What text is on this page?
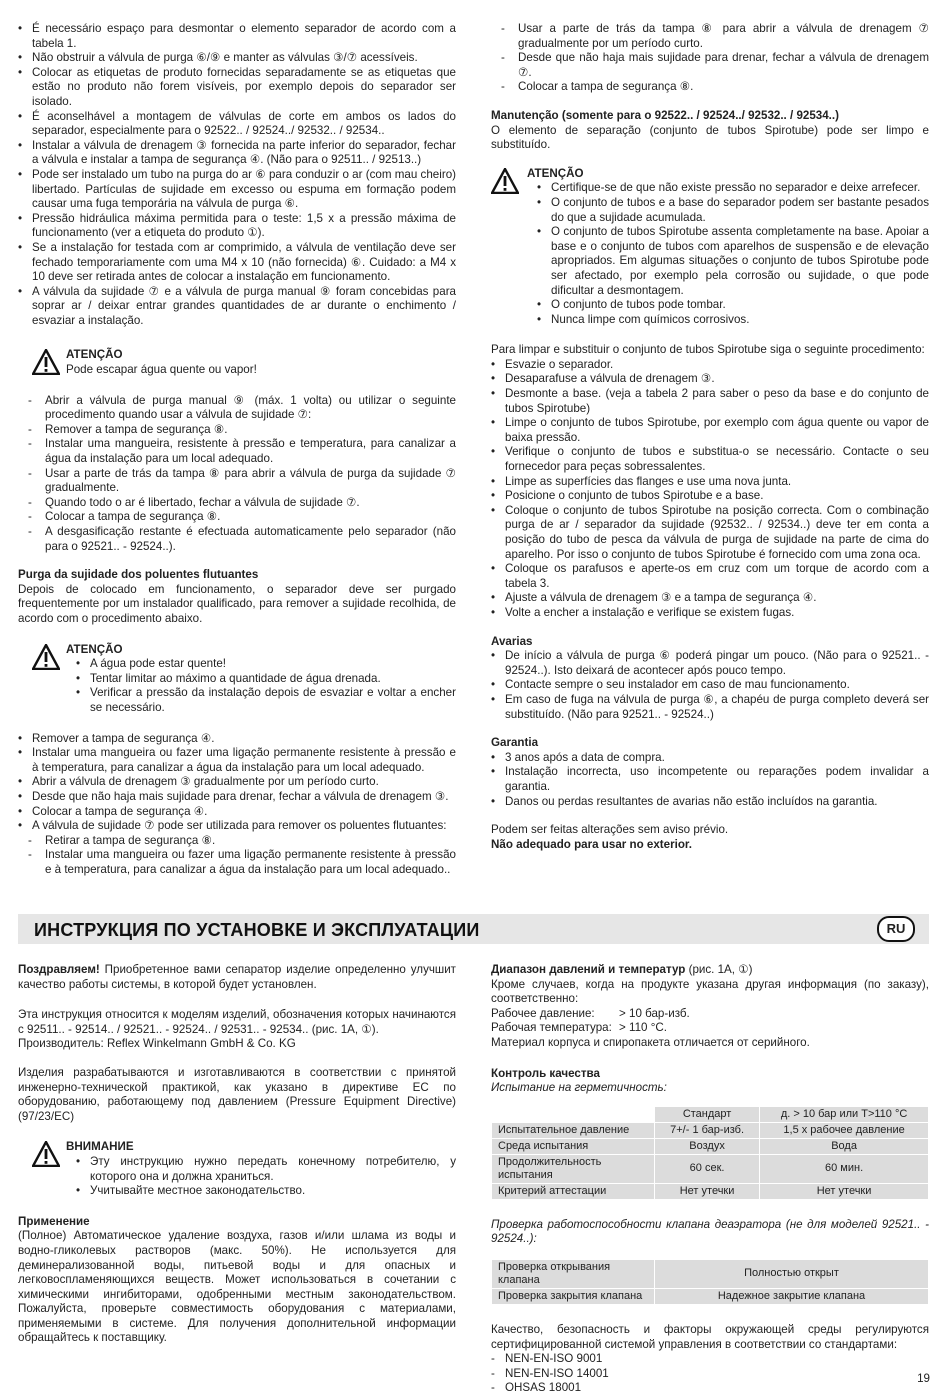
• É necessário espaço para desmontar o elemento separador de acordo com a tabela 1.
• Não obstruir a válvula de purga ⑥/⑨ e manter as válvulas ③/⑦ acessíveis.
• Colocar as etiquetas de produto fornecidas separadamente se as etiquetas que estão no produto não forem visíveis, por exemplo depois do separador ser isolado.
• É aconselhável a montagem de válvulas de corte em ambos os lados do separador, especialmente para o 92522.. / 92524../ 92532.. / 92534..
• Instalar a válvula de drenagem ③ fornecida na parte inferior do separador, fechar a válvula e instalar a tampa de segurança ④. (Não para o 92511.. / 92513..)
• Pode ser instalado um tubo na purga do ar ⑥ para conduzir o ar (com mau cheiro) libertado. Partículas de sujidade em excesso ou espuma em formação podem causar uma fuga temporária na válvula de purga ⑥.
• Pressão hidráulica máxima permitida para o teste: 1,5 x a pressão máxima de funcionamento (ver a etiqueta do produto ①).
• Se a instalação for testada com ar comprimido, a válvula de ventilação deve ser fechado temporariamente com uma M4 x 10 (não fornecida) ⑥. Cuidado: a M4 x 10 deve ser retirada antes de colocar a instalação em funcionamento.
• A válvula da sujidade ⑦ e a válvula de purga manual ⑨ foram concebidas para soprar ar / deixar entrar grandes quantidades de ar durante o enchimento / esvaziar a instalação.
ATENÇÃO

Pode escapar água quente ou vapor!

- Abrir a válvula de purga manual ⑨ (máx. 1 volta) ou utilizar o seguinte procedimento quando usar a válvula de sujidade ⑦:
- Remover a tampa de segurança ⑧.
- Instalar uma mangueira, resistente à pressão e temperatura, para canalizar a água da instalação para um local adequado.
- Usar a parte de trás da tampa ⑧ para abrir a válvula de purga da sujidade ⑦ gradualmente.
- Quando todo o ar é libertado, fechar a válvula de sujidade ⑦.
- Colocar a tampa de segurança ⑧.
- A desgasificação restante é efectuada automaticamente pelo separador (não para o 92521.. - 92524..).
Purga da sujidade dos poluentes flutuantes

Depois de colocado em funcionamento, o separador deve ser purgado frequentemente por um instalador qualificado, para remover a sujidade recolhida, de acordo com o procedimento abaixo.

ATENÇÃO
• A água pode estar quente!
• Tentar limitar ao máximo a quantidade de água drenada.
• Verificar a pressão da instalação depois de esvaziar e voltar a encher se necessário.
• Remover a tampa de segurança ④.
• Instalar uma mangueira ou fazer uma ligação permanente resistente à pressão e à temperatura, para canalizar a água da instalação para um local adequado.
• Abrir a válvula de drenagem ③ gradualmente por um período curto.
• Desde que não haja mais sujidade para drenar, fechar a válvula de drenagem ③.
• Colocar a tampa de segurança ④.
• A válvula de sujidade ⑦ pode ser utilizada para remover os poluentes flutuantes:
- Retirar a tampa de segurança ⑧.
- Instalar uma mangueira ou fazer uma ligação permanente resistente à pressão e à temperatura, para canalizar a água da instalação para um local adequado..
- Usar a parte de trás da tampa ⑧ para abrir a válvula de drenagem ⑦ gradualmente por um período curto.
- Desde que não haja mais sujidade para drenar, fechar a válvula de drenagem ⑦.
- Colocar a tampa de segurança ⑧.
Manutenção (somente para o 92522.. / 92524../ 92532.. / 92534..)

O elemento de separação (conjunto de tubos Spirotube) pode ser limpo e substituído.

ATENÇÃO
• Certifique-se de que não existe pressão no separador e deixe arrefecer.
• O conjunto de tubos e a base do separador podem ser bastante pesados do que a sujidade acumulada.
• O conjunto de tubos Spirotube assenta completamente na base. Apoiar a base e o conjunto de tubos com aparelhos de suspensão e de elevação apropriados. Em algumas situações o conjunto de tubos Spirotube pode ser afectado, por exemplo pela corrosão ou sujidade, o que pode dificultar a desmontagem.
• O conjunto de tubos pode tombar.
• Nunca limpe com químicos corrosivos.

Para limpar e substituir o conjunto de tubos Spirotube siga o seguinte procedimento:

• Esvazie o separador.
• Desaparafuse a válvula de drenagem ③.
• Desmonte a base. (veja a tabela 2 para saber o peso da base e do conjunto de tubos Spirotube)
• Limpe o conjunto de tubos Spirotube, por exemplo com água quente ou vapor de baixa pressão.
• Verifique o conjunto de tubos e substitua-o se necessário. Contacte o seu fornecedor para peças sobressalentes.
• Limpe as superfícies das flanges e use uma nova junta.
• Posicione o conjunto de tubos Spirotube e a base.
• Coloque o conjunto de tubos Spirotube na posição correcta. Com o combinação purga de ar / separador da sujidade (92532.. / 92534..) deve ter em conta a posição do tubo de pesca da válvula de purga de sujidade na parte de cima do aparelho. Por isso o conjunto de tubos Spirotube é fornecido com uma zona oca.
• Coloque os parafusos e aperte-os em cruz com um torque de acordo com a tabela 3.
• Ajuste a válvula de drenagem ③ e a tampa de segurança ④.
• Volte a encher a instalação e verifique se existem fugas.
Avarias
• De início a válvula de purga ⑥ poderá pingar um pouco. (Não para o 92521.. - 92524..). Isto deixará de acontecer após pouco tempo.
• Contacte sempre o seu instalador em caso de mau funcionamento.
• Em caso de fuga na válvula de purga ⑥, a chapéu de purga completo deverá ser substituído. (Não para 92521.. - 92524..)
Garantia
• 3 anos após a data de compra.
• Instalação incorrecta, uso incompetente ou reparações podem invalidar a garantia.
• Danos ou perdas resultantes de avarias não estão incluídos na garantia.

Podem ser feitas alterações sem aviso prévio.

Não adequado para usar no exterior.

ИНСТРУКЦИЯ ПО УСТАНОВКЕ И ЭКСПЛУАТАЦИИ	RU

Поздравляем! Приобретенное вами сепаратор изделие определенно улучшит качество работы системы, в которой будет установлен.

Эта инструкция относится к моделям изделий, обозначения которых начинаются с 92511.. - 92514.. / 92521.. - 92524.. / 92531.. - 92534.. (рис. 1A, ①).

Производитель: Reflex Winkelmann GmbH & Co. KG

Изделия разрабатываются и изготавливаются в соответствии с принятой инженерно-технической практикой, как указано в директиве ЕС по оборудованию, работающему под давлением (Pressure Equipment Directive) (97/23/EC)

ВНИМАНИЕ
• Эту инструкцию нужно передать конечному потребителю, у которого она и должна храниться.
• Учитывайте местное законодательство.
Применение

(Полное) Автоматическое удаление воздуха, газов и/или шлама из воды и водно-гликолевых растворов (макс. 50%). Не используется для деминерализованной воды, питьевой воды и для опасных и легковоспламеняющихся веществ. Может использоваться в сочетании с химическими ингибиторами, одобренными местным законодательством. Пожалуйста, проверьте совместимость оборудования с материалами, применяемыми в системе. Для получения дополнительной информации обращайтесь к поставщику.

Диапазон давлений и температур (рис. 1A, ①)

Кроме случаев, когда на продукте указана другая информация (по заказу), соответственно:

Рабочее давление: > 10 бар-изб.
Рабочая температура: > 110 °C.

Материал корпуса и спиропакета отличается от серийного.

Контроль качества

Испытание на герметичность:

	Стандарт	д. > 10 бар или T>110 °C
Испытательное давление	7+/- 1 бар-изб.	1,5 x рабочее давление
Среда испытания	Воздух	Вода
Продолжительность испытания	60 сек.	60 мин.
Критерий аттестации	Нет утечки	Нет утечки

Проверка работоспособности клапана деаэратора (не для моделей 92521.. - 92524..):

Проверка открывания клапана	Полностью открыт
Проверка закрытия клапана	Надежное закрытие клапана

Качество, безопасность и факторы окружающей среды регулируются сертифицированной системой управления в соответствии со стандартами:

- NEN-EN-ISO 9001
- NEN-EN-ISO 14001
- OHSAS 18001
19
